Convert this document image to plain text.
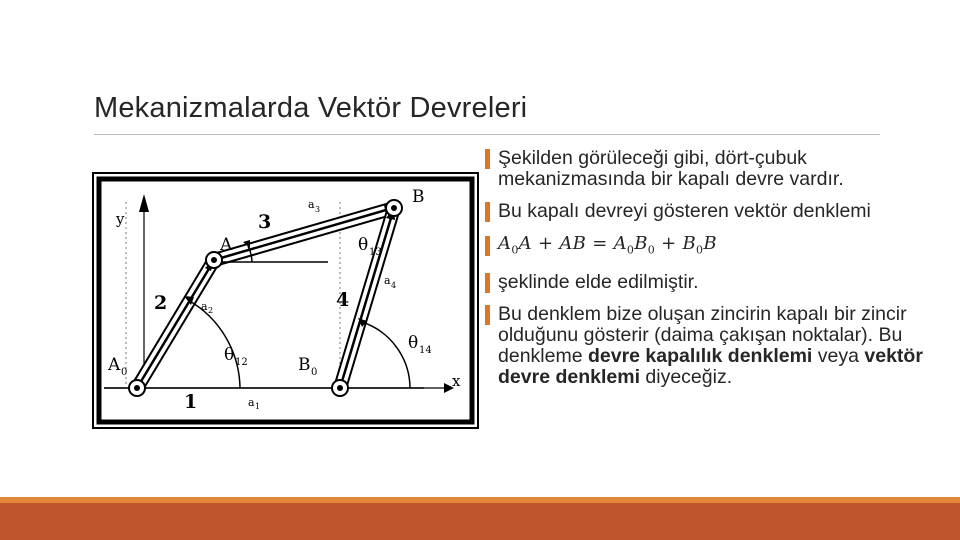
Mekanizmalarda Vektör Devreleri
y
x
A
B
A 0	B 0
1
2
3
4
a 1
a 2
a 3
a 4
θ 12
θ 13
θ 14
Şekilden görüleceği gibi, dört-çubuk mekanizmasında bir kapalı devre vardır.
Bu kapalı devreyi gösteren vektör denklemi
$A_0A$ + AB = $A_0B_0 + B_0B$
şeklinde elde edilmiştir.
Bu denklem bize oluşan zincirin kapalı bir zincir olduğunu gösterir (daima çakışan noktalar). Bu denkleme devre kapalılık denklemi veya vektör devre denklemi diyeceğiz.
